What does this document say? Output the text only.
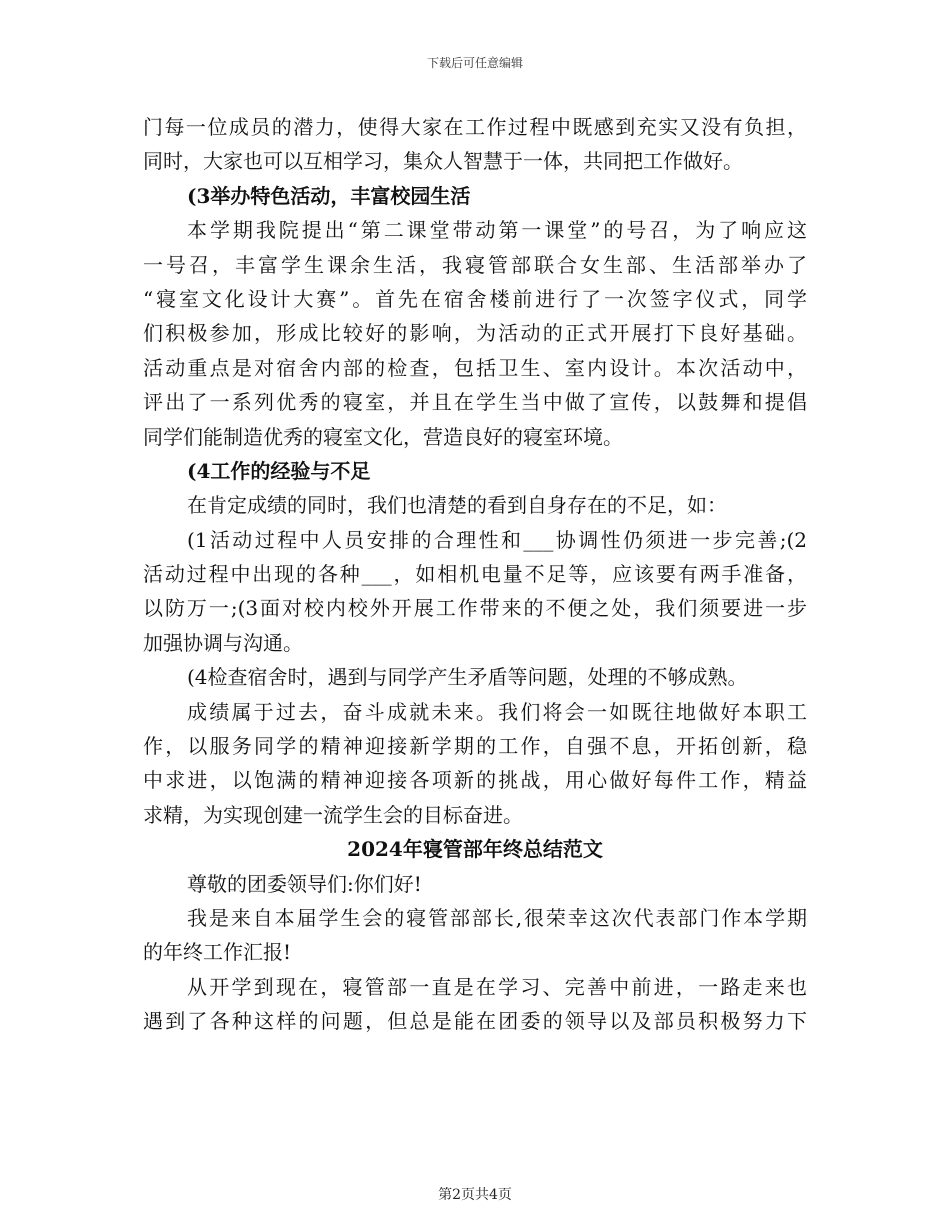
下载后可任意编辑
门每一位成员的潜力，使得大家在工作过程中既感到充实又没有负担，
同时，大家也可以互相学习，集众人智慧于一体，共同把工作做好。
(3举办特色活动，丰富校园生活
本学期我院提出“第二课堂带动第一课堂”的号召，为了响应这
一号召，丰富学生课余生活，我寝管部联合女生部、生活部举办了
“寝室文化设计大赛”。首先在宿舍楼前进行了一次签字仪式，同学
们积极参加，形成比较好的影响，为活动的正式开展打下良好基础。
活动重点是对宿舍内部的检查，包括卫生、室内设计。本次活动中，
评出了一系列优秀的寝室，并且在学生当中做了宣传，以鼓舞和提倡
同学们能制造优秀的寝室文化，营造良好的寝室环境。
(4工作的经验与不足
在肯定成绩的同时，我们也清楚的看到自身存在的不足，如：
(1活动过程中人员安排的合理性和___协调性仍须进一步完善;(2
活动过程中出现的各种___，如相机电量不足等，应该要有两手准备，
以防万一;(3面对校内校外开展工作带来的不便之处，我们须要进一步
加强协调与沟通。
(4检查宿舍时，遇到与同学产生矛盾等问题，处理的不够成熟。
成绩属于过去，奋斗成就未来。我们将会一如既往地做好本职工
作，以服务同学的精神迎接新学期的工作，自强不息，开拓创新，稳
中求进，以饱满的精神迎接各项新的挑战，用心做好每件工作，精益
求精，为实现创建一流学生会的目标奋进。
2024年寝管部年终总结范文
尊敬的团委领导们:你们好!
我是来自本届学生会的寝管部部长,很荣幸这次代表部门作本学期
的年终工作汇报!
从开学到现在，寝管部一直是在学习、完善中前进，一路走来也
遇到了各种这样的问题，但总是能在团委的领导以及部员积极努力下
第2页共4页
